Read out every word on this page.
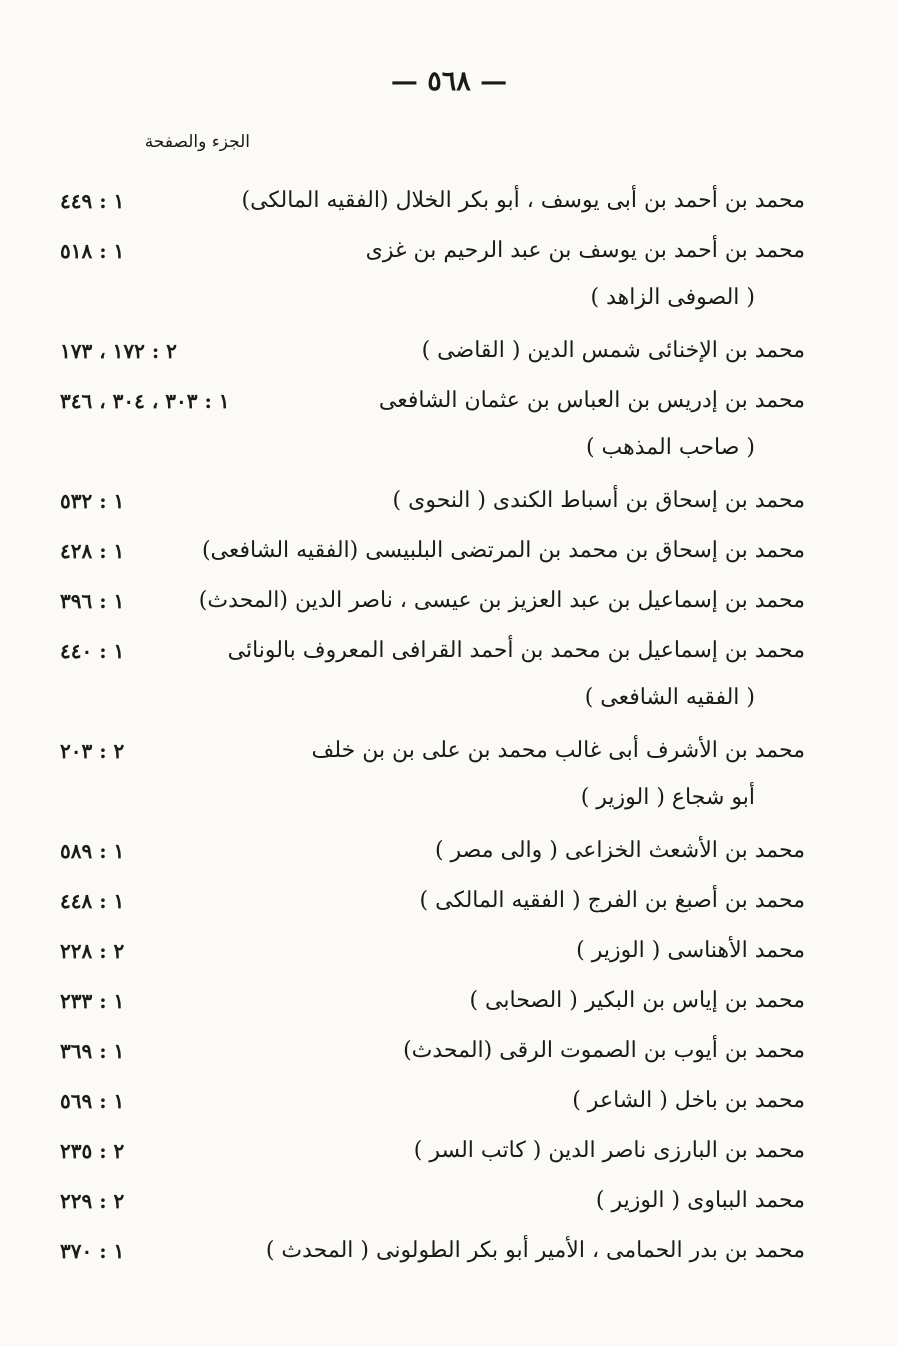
— ٥٦٨ —
الجزء والصفحة
محمد بن أحمد بن أبى يوسف ، أبو بكر الخلال (الفقيه المالكى)
١ : ٤٤٩
محمد بن أحمد بن يوسف بن عبد الرحيم بن غزى
( الصوفى الزاهد )
١ : ٥١٨
محمد بن الإخنائى شمس الدين ( القاضى )
٢ : ١٧٢ ، ١٧٣
محمد بن إدريس بن العباس بن عثمان الشافعى
( صاحب المذهب )
١ : ٣٠٣ ، ٣٠٤ ، ٣٤٦
محمد بن إسحاق بن أسباط الكندى ( النحوى )
١ : ٥٣٢
محمد بن إسحاق بن محمد بن المرتضى البلبيسى (الفقيه الشافعى)
١ : ٤٢٨
محمد بن إسماعيل بن عبد العزيز بن عيسى ، ناصر الدين (المحدث)
١ : ٣٩٦
محمد بن إسماعيل بن محمد بن أحمد القرافى المعروف بالونائى
( الفقيه الشافعى )
١ : ٤٤٠
محمد بن الأشرف أبى غالب محمد بن على بن بن خلف
أبو شجاع ( الوزير )
٢ : ٢٠٣
محمد بن الأشعث الخزاعى ( والى مصر )
١ : ٥٨٩
محمد بن أصبغ بن الفرج ( الفقيه المالكى )
١ : ٤٤٨
محمد الأهناسى ( الوزير )
٢ : ٢٢٨
محمد بن إياس بن البكير ( الصحابى )
١ : ٢٣٣
محمد بن أيوب بن الصموت الرقى (المحدث)
١ : ٣٦٩
محمد بن باخل ( الشاعر )
١ : ٥٦٩
محمد بن البارزى ناصر الدين ( كاتب السر )
٢ : ٢٣٥
محمد البباوى ( الوزير )
٢ : ٢٢٩
محمد بن بدر الحمامى ، الأمير أبو بكر الطولونى ( المحدث )
١ : ٣٧٠
